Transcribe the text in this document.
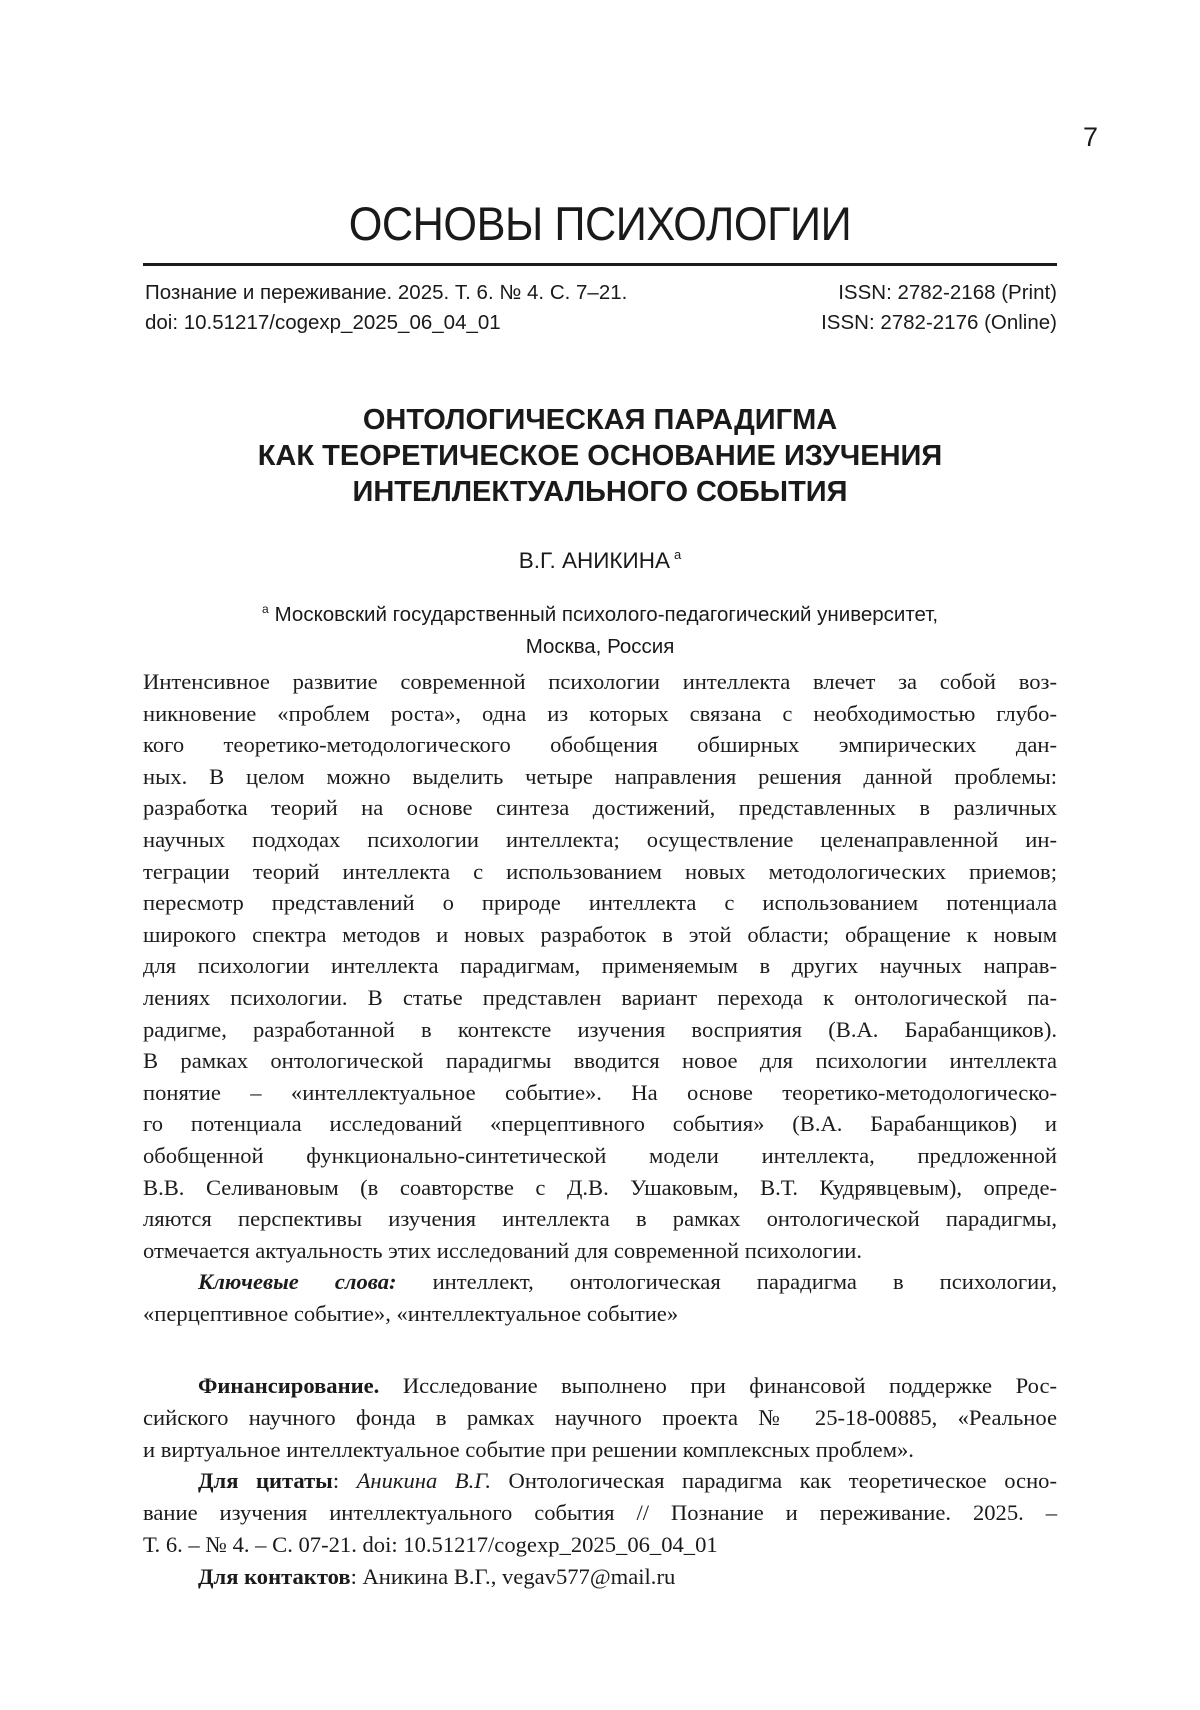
7
ОСНОВЫ ПСИХОЛОГИИ
Познание и переживание. 2025. Т. 6. № 4. С. 7–21.
doi: 10.51217/cogexp_2025_06_04_01
ISSN: 2782-2168 (Print)
ISSN: 2782-2176 (Online)
ОНТОЛОГИЧЕСКАЯ ПАРАДИГМА
КАК ТЕОРЕТИЧЕСКОЕ ОСНОВАНИЕ ИЗУЧЕНИЯ
ИНТЕЛЛЕКТУАЛЬНОГО СОБЫТИЯ
В.Г. АНИКИНА $^а$
$^а$ Московский государственный психолого-педагогический университет,
Москва, Россия
Интенсивное развитие современной психологии интеллекта влечет за собой воз-
никновение «проблем роста», одна из которых связана с необходимостью глубо-
кого теоретико-методологического обобщения обширных эмпирических дан-
ных. В целом можно выделить четыре направления решения данной проблемы:
разработка теорий на основе синтеза достижений, представленных в различных
научных подходах психологии интеллекта; осуществление целенаправленной ин-
теграции теорий интеллекта с использованием новых методологических приемов;
пересмотр представлений о природе интеллекта с использованием потенциала
широкого спектра методов и новых разработок в этой области; обращение к новым
для психологии интеллекта парадигмам, применяемым в других научных направ-
лениях психологии. В статье представлен вариант перехода к онтологической па-
радигме, разработанной в контексте изучения восприятия (В.А. Барабанщиков).
В рамках онтологической парадигмы вводится новое для психологии интеллекта
понятие – «интеллектуальное событие». На основе теоретико-методологическо-
го потенциала исследований «перцептивного события» (В.А. Барабанщиков) и
обобщенной функционально-синтетической модели интеллекта, предложенной
В.В. Селивановым (в соавторстве с Д.В. Ушаковым, В.Т. Кудрявцевым), опреде-
ляются перспективы изучения интеллекта в рамках онтологической парадигмы,
отмечается актуальность этих исследований для современной психологии.
Ключевые слова: интеллект, онтологическая парадигма в психологии,
«перцептивное событие», «интеллектуальное событие»
Финансирование. Исследование выполнено при финансовой поддержке Рос-
сийского научного фонда в рамках научного проекта № 25-18-00885, «Реальное
и виртуальное интеллектуальное событие при решении комплексных проблем».
Для цитаты: Аникина В.Г. Онтологическая парадигма как теоретическое осно-
вание изучения интеллектуального события // Познание и переживание. 2025. –
Т. 6. – № 4. – С. 07-21. doi: 10.51217/cogexp_2025_06_04_01
Для контактов: Аникина В.Г., vegav577@mail.ru
